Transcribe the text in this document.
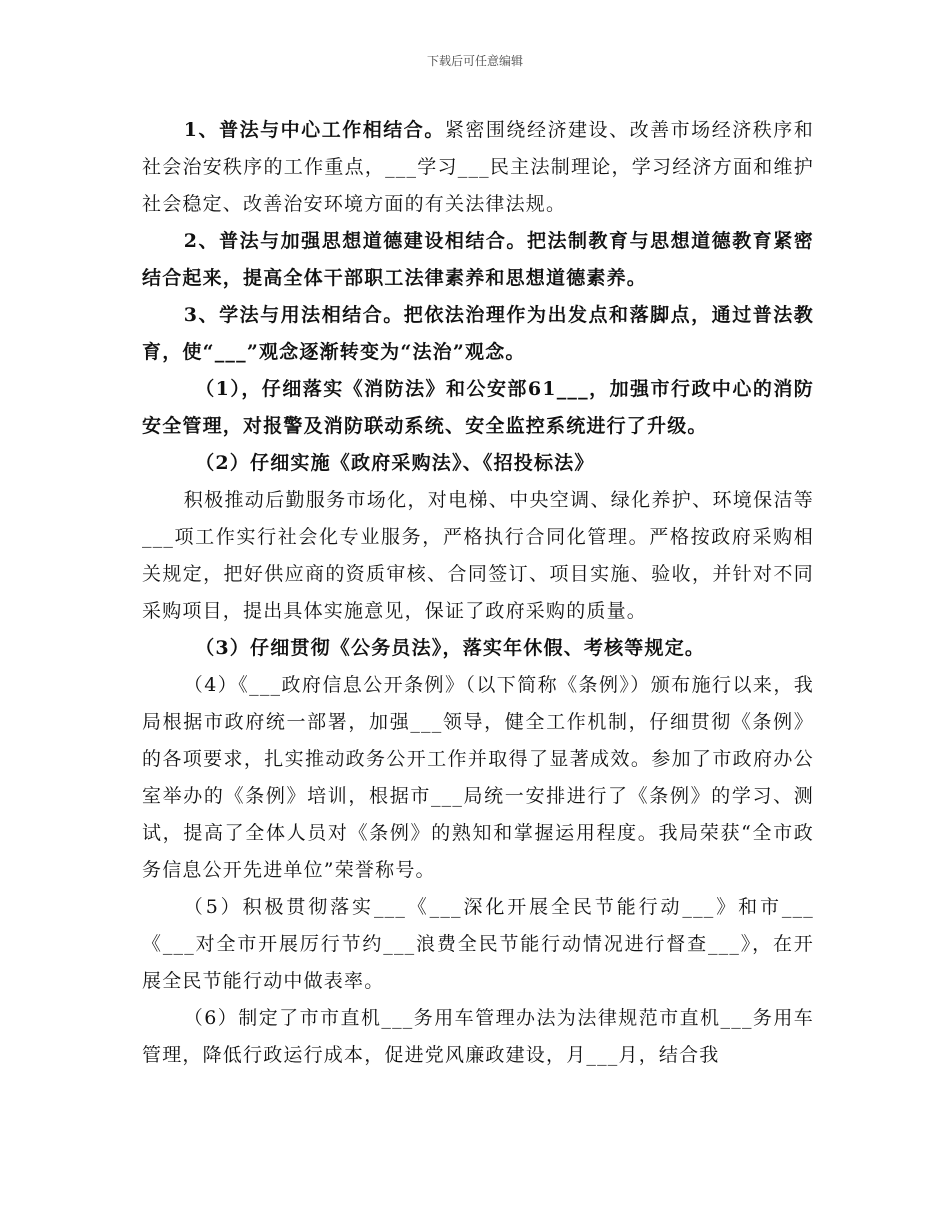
下载后可任意编辑

1、普法与中心工作相结合。紧密围绕经济建设、改善市场经济秩序和社会治安秩序的工作重点，___学习___民主法制理论，学习经济方面和维护社会稳定、改善治安环境方面的有关法律法规。

2、普法与加强思想道德建设相结合。把法制教育与思想道德教育紧密结合起来，提高全体干部职工法律素养和思想道德素养。

3、学法与用法相结合。把依法治理作为出发点和落脚点，通过普法教育，使“___”观念逐渐转变为“法治”观念。

（1），仔细落实《消防法》和公安部61___，加强市行政中心的消防安全管理，对报警及消防联动系统、安全监控系统进行了升级。

（2）仔细实施《政府采购法》、《招投标法》

积极推动后勤服务市场化，对电梯、中央空调、绿化养护、环境保洁等___项工作实行社会化专业服务，严格执行合同化管理。严格按政府采购相关规定，把好供应商的资质审核、合同签订、项目实施、验收，并针对不同采购项目，提出具体实施意见，保证了政府采购的质量。

（3）仔细贯彻《公务员法》，落实年休假、考核等规定。

（4）《___政府信息公开条例》（以下简称《条例》）颁布施行以来，我局根据市政府统一部署，加强___领导，健全工作机制，仔细贯彻《条例》的各项要求，扎实推动政务公开工作并取得了显著成效。参加了市政府办公室举办的《条例》培训，根据市___局统一安排进行了《条例》的学习、测试，提高了全体人员对《条例》的熟知和掌握运用程度。我局荣获“全市政务信息公开先进单位”荣誉称号。

（5）积极贯彻落实___《___深化开展全民节能行动___》和市___《___对全市开展厉行节约___浪费全民节能行动情况进行督查___》，在开展全民节能行动中做表率。

（6）制定了市市直机___务用车管理办法为法律规范市直机___务用车管理，降低行政运行成本，促进党风廉政建设，月___月，结合我
